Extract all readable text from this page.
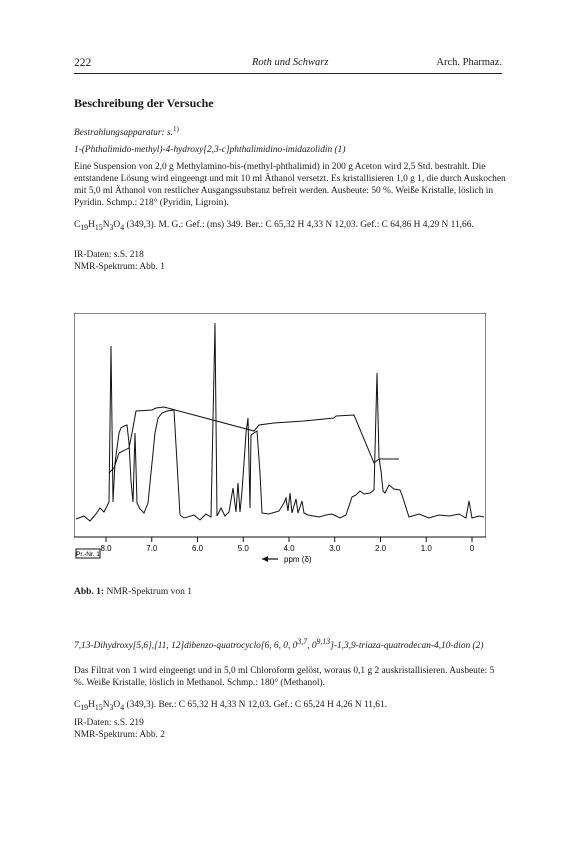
222	Roth und Schwarz	Arch. Pharmaz.
Beschreibung der Versuche
Bestrahlungsapparatur: s.$^{1)}$
1-(Phthalimido-methyl)-4-hydroxy[2,3-c]phthalimidino-imidazolidin (1)
Eine Suspension von 2,0 g Methylamino-bis-(methyl-phthalimid) in 200 g Aceton wird 2,5 Std. bestrahlt. Die entstandene Lösung wird eingeengt und mit 10 ml Äthanol versetzt. Es kristallisieren 1,0 g 1, die durch Auskochen mit 5,0 ml Äthanol von restlicher Ausgangssubstanz befreit werden. Ausbeute: 50 %. Weiße Kristalle, löslich in Pyridin. Schmp.: 218° (Pyridin, Ligroin).
$C_{19}H_{15}N_3O_4$ (349,3). M. G.: Gef.: (ms) 349. Ber.: C 65,32 H 4,33 N 12,03. Gef.: C 64,86 H 4,29 N 11,66.
IR-Daten: s.S. 218
NMR-Spektrum: Abb. 1
8.0	7.0	6.0	5.0	4.0	3.0	2.0	1.0	0
Pr.-Nr. 1
ppm (δ)
Abb. 1: NMR-Spektrum von 1
7,13-Dihydroxy[5,6],[11, 12]dibenzo-quatrocyclo[6, 6, 0, 0$^{3,7}$, 0$^{9,13}$]-1,3,9-triaza-quatrodecan-4,10-dion (2)
Das Filtrat von 1 wird eingeengt und in 5,0 ml Chloroform gelöst, woraus 0,1 g 2 auskristallisieren. Ausbeute: 5 %. Weiße Kristalle, löslich in Methanol. Schmp.: 180° (Methanol).
$C_{19}H_{15}N_3O_4$ (349,3). Ber.: C 65,32 H 4,33 N 12,03. Gef.: C 65,24 H 4,26 N 11,61.
IR-Daten: s.S. 219
NMR-Spektrum: Abb. 2
